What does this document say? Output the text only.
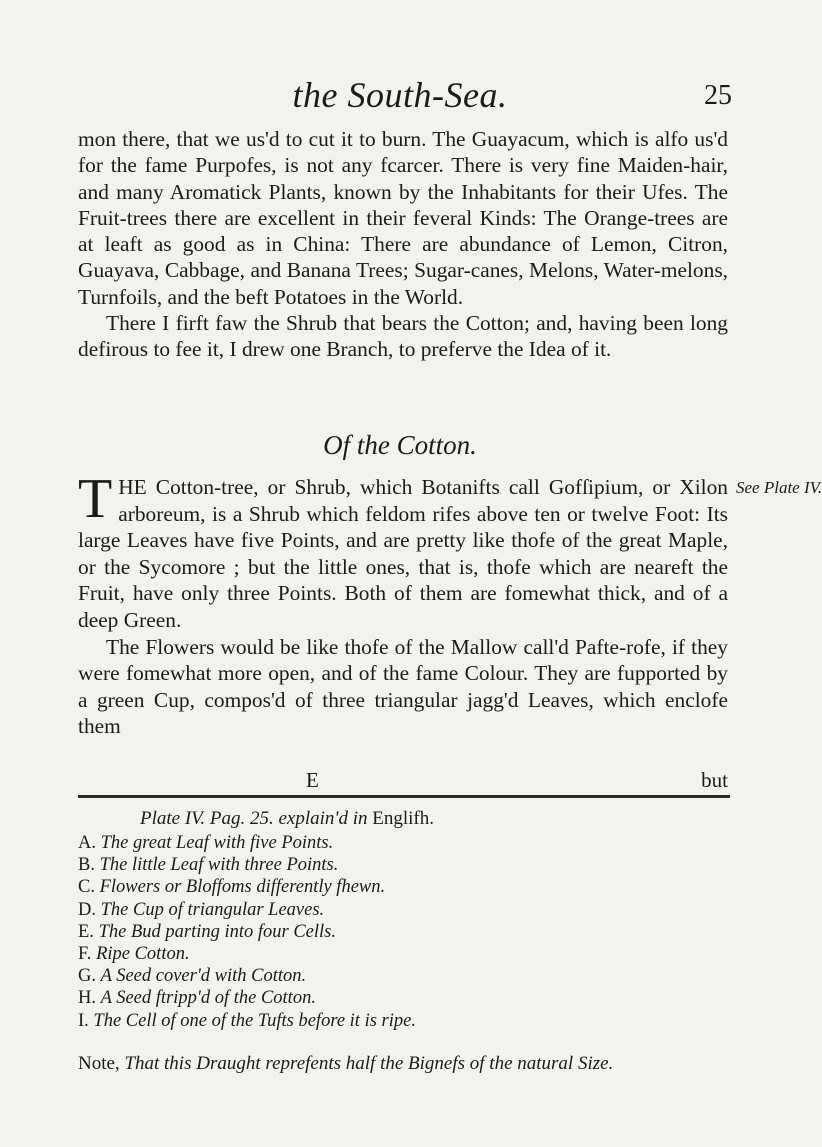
the South-Sea.	25

mon there, that we us'd to cut it to burn. The Guayacum, which is alfo us'd for the fame Purpofes, is not any fcarcer. There is very fine Maiden-hair, and many Aromatick Plants, known by the Inhabitants for their Ufes. The Fruit-trees there are excellent in their feveral Kinds: The Orange-trees are at leaft as good as in China: There are abundance of Lemon, Citron, Guayava, Cabbage, and Banana Trees; Sugar-canes, Melons, Water-melons, Turnfoils, and the beft Potatoes in the World.

There I firft faw the Shrub that bears the Cotton; and, having been long defirous to fee it, I drew one Branch, to preferve the Idea of it.

Of the Cotton.
See Plate IV.

T HE Cotton-tree, or Shrub, which Botanifts call Gofſipium, or Xilon arboreum, is a Shrub which feldom rifes above ten or twelve Foot: Its large Leaves have five Points, and are pretty like thofe of the great Maple, or the Sycomore ; but the little ones, that is, thofe which are neareft the Fruit, have only three Points. Both of them are fomewhat thick, and of a deep Green.

The Flowers would be like thofe of the Mallow call'd Pafte-rofe, if they were fomewhat more open, and of the fame Colour. They are fupported by a green Cup, compos'd of three triangular jagg'd Leaves, which enclofe them

E	but
Plate IV. Pag. 25. explain'd in Englifh.
A. The great Leaf with five Points.
B. The little Leaf with three Points.
C. Flowers or Bloffoms differently fhewn.
D. The Cup of triangular Leaves.
E. The Bud parting into four Cells.
F. Ripe Cotton.
G. A Seed cover'd with Cotton.
H. A Seed ftripp'd of the Cotton.
I. The Cell of one of the Tufts before it is ripe.
Note, That this Draught reprefents half the Bignefs of the natural Size.
